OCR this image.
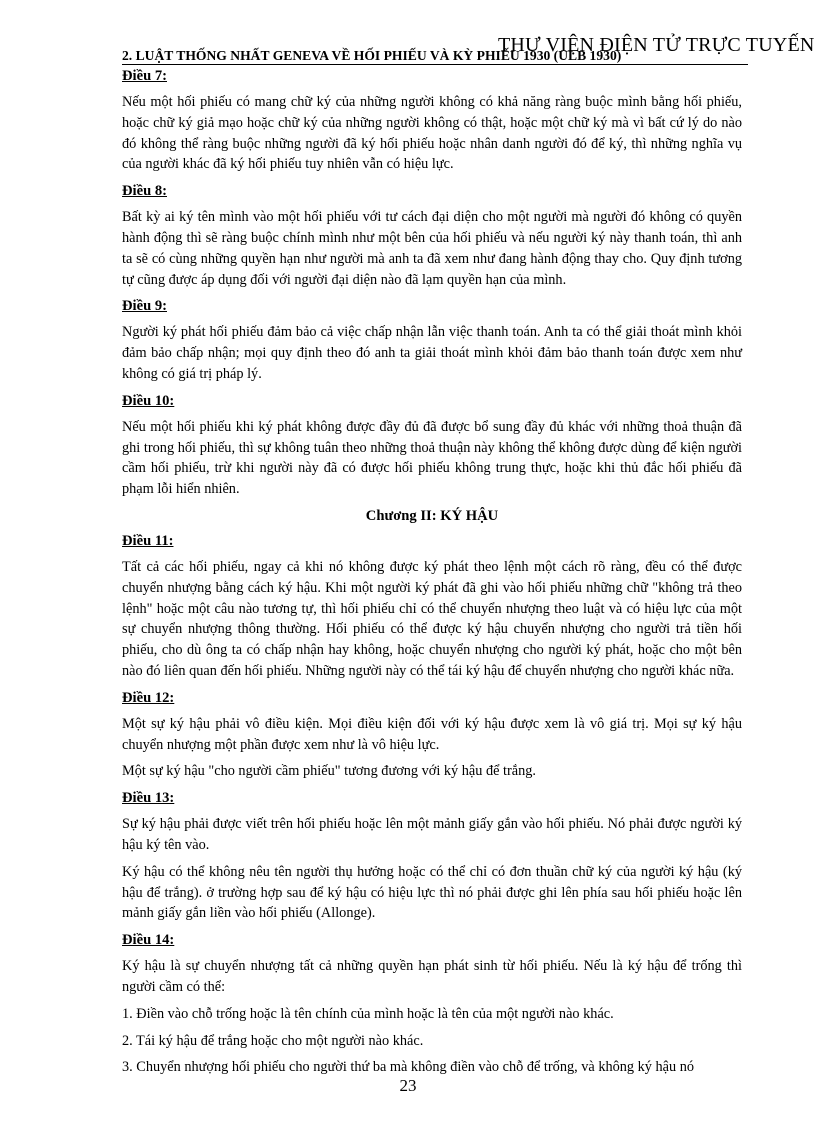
THƯ VIỆN ĐIỆN TỬ TRỰC TUYẾN
2. LUẬT THỐNG NHẤT GENEVA VỀ HỐI PHIẾU VÀ KỲ PHIẾU 1930 (ULB 1930)

Điều 7:

Nếu một hối phiếu có mang chữ ký của những người không có khả năng ràng buộc mình bằng hối phiếu, hoặc chữ ký giả mạo hoặc chữ ký của những người không có thật, hoặc một chữ ký mà vì bất cứ lý do nào đó không thể ràng buộc những người đã ký hối phiếu hoặc nhân danh người đó để ký, thì những nghĩa vụ của người khác đã ký hối phiếu tuy nhiên vẫn có hiệu lực.

Điều 8:

Bất kỳ ai ký tên mình vào một hối phiếu với tư cách đại diện cho một người mà người đó không có quyền hành động thì sẽ ràng buộc chính mình như một bên của hối phiếu và nếu người ký này thanh toán, thì anh ta sẽ có cùng những quyền hạn như người mà anh ta đã xem như đang hành động thay cho. Quy định tương tự cũng được áp dụng đối với người đại diện nào đã lạm quyền hạn của mình.

Điều 9:

Người ký phát hối phiếu đảm bảo cả việc chấp nhận lẫn việc thanh toán. Anh ta có thể giải thoát mình khỏi đảm bảo chấp nhận; mọi quy định theo đó anh ta giải thoát mình khỏi đảm bảo thanh toán được xem như không có giá trị pháp lý.

Điều 10:

Nếu một hối phiếu khi ký phát không được đầy đủ đã được bổ sung đầy đủ khác với những thoả thuận đã ghi trong hối phiếu, thì sự không tuân theo những thoả thuận này không thể không được dùng để kiện người cầm hối phiếu, trừ khi người này đã có được hối phiếu không trung thực, hoặc khi thủ đắc hối phiếu đã phạm lỗi hiển nhiên.

Chương II: KÝ HẬU

Điều 11:

Tất cả các hối phiếu, ngay cả khi nó không được ký phát theo lệnh một cách rõ ràng, đều có thể được chuyển nhượng bằng cách ký hậu. Khi một người ký phát đã ghi vào hối phiếu những chữ "không trả theo lệnh" hoặc một câu nào tương tự, thì hối phiếu chỉ có thể chuyển nhượng theo luật và có hiệu lực của một sự chuyển nhượng thông thường. Hối phiếu có thể được ký hậu chuyển nhượng cho người trả tiền hối phiếu, cho dù ông ta có chấp nhận hay không, hoặc chuyển nhượng cho người ký phát, hoặc cho một bên nào đó liên quan đến hối phiếu. Những người này có thể tái ký hậu để chuyển nhượng cho người khác nữa.

Điều 12:

Một sự ký hậu phải vô điều kiện. Mọi điều kiện đối với ký hậu được xem là vô giá trị. Mọi sự ký hậu chuyển nhượng một phần được xem như là vô hiệu lực.

Một sự ký hậu "cho người cầm phiếu" tương đương với ký hậu để trắng.

Điều 13:

Sự ký hậu phải được viết trên hối phiếu hoặc lên một mảnh giấy gắn vào hối phiếu. Nó phải được người ký hậu ký tên vào.

Ký hậu có thể không nêu tên người thụ hưởng hoặc có thể chỉ có đơn thuần chữ ký của người ký hậu (ký hậu để trắng). ở trường hợp sau để ký hậu có hiệu lực thì nó phải được ghi lên phía sau hối phiếu hoặc lên mảnh giấy gắn liền vào hối phiếu (Allonge).

Điều 14:

Ký hậu là sự chuyển nhượng tất cả những quyền hạn phát sinh từ hối phiếu. Nếu là ký hậu để trống thì người cầm có thể:

1. Điền vào chỗ trống hoặc là tên chính của mình hoặc là tên của một người nào khác.

2. Tái ký hậu để trắng hoặc cho một người nào khác.

3. Chuyển nhượng hối phiếu cho người thứ ba mà không điền vào chỗ để trống, và không ký hậu nó

23
